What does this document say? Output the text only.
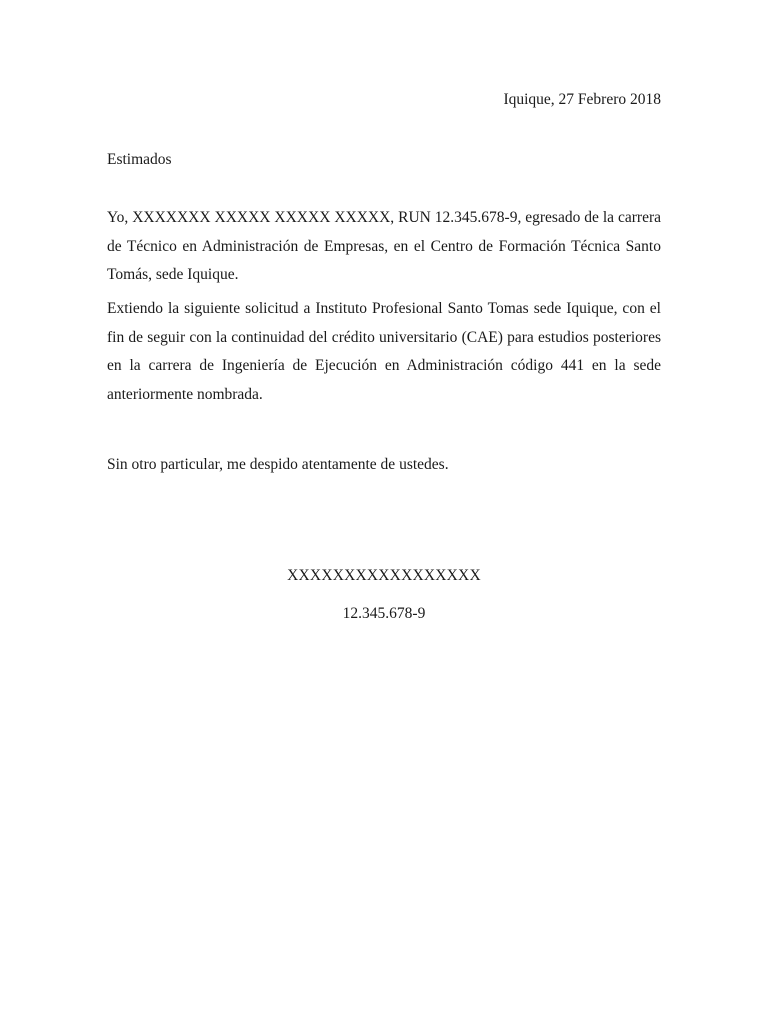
Iquique, 27 Febrero 2018
Estimados

Yo, XXXXXXX XXXXX XXXXX XXXXX, RUN 12.345.678-9, egresado de la carrera de Técnico en Administración de Empresas, en el Centro de Formación Técnica Santo Tomás, sede Iquique.

Extiendo la siguiente solicitud a Instituto Profesional Santo Tomas sede Iquique, con el fin de seguir con la continuidad del crédito universitario (CAE) para estudios posteriores en la carrera de Ingeniería de Ejecución en Administración código 441 en la sede anteriormente nombrada.

Sin otro particular, me despido atentamente de ustedes.
XXXXXXXXXXXXXXXXX
12.345.678-9
